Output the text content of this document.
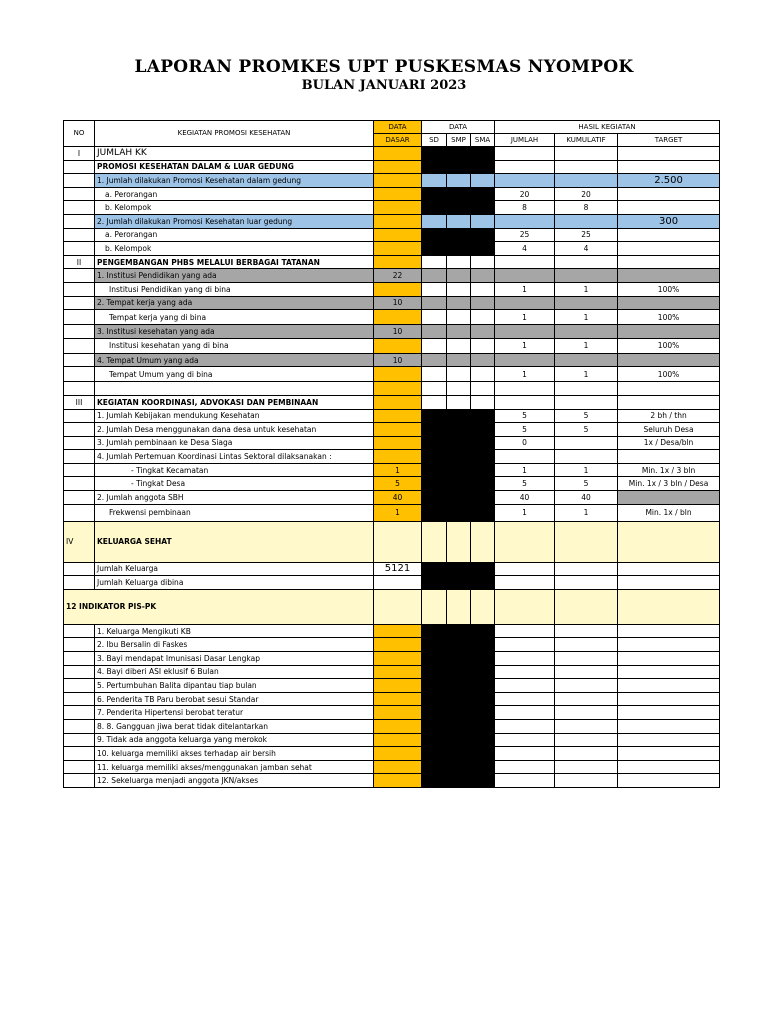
LAPORAN PROMKES UPT PUSKESMAS NYOMPOK
BULAN JANUARI 2023
NO	KEGIATAN PROMOSI KESEHATAN	DATA	DATA			HASIL KEGIATAN		
		DASAR	SD	SMP	SMA	JUMLAH	KUMULATIF	TARGET
I	JUMLAH KK							
	PROMOSI KESEHATAN DALAM & LUAR GEDUNG							
	1. Jumlah dilakukan Promosi Kesehatan dalam gedung							2.500
	a. Perorangan					20	20	
	b. Kelompok					8	8	
	2. Jumlah dilakukan Promosi Kesehatan luar gedung							300
	a. Perorangan					25	25	
	b. Kelompok					4	4	
II	PENGEMBANGAN PHBS MELALUI BERBAGAI TATANAN							
	1. Institusi Pendidikan yang ada	22						
	Institusi Pendidikan yang di bina					1	1	100%
	2. Tempat kerja yang ada	10						
	Tempat kerja yang di bina					1	1	100%
	3. Institusi kesehatan yang ada	10						
	Institusi kesehatan yang di bina					1	1	100%
	4. Tempat Umum yang ada	10						
	Tempat Umum yang di bina					1	1	100%

III	KEGIATAN KOORDINASI, ADVOKASI DAN PEMBINAAN							
	1. Jumlah Kebijakan mendukung Kesehatan					5	5	2 bh / thn
	2. Jumlah Desa menggunakan dana desa untuk kesehatan					5	5	Seluruh Desa
	3. Jumlah pembinaan ke Desa Siaga					0		1x / Desa/bln
	4. Jumlah Pertemuan Koordinasi Lintas Sektoral dilaksanakan :							
	- Tingkat Kecamatan	1				1	1	Min. 1x / 3 bln
	- Tingkat Desa	5				5	5	Min. 1x / 3 bln / Desa
	2. Jumlah anggota SBH	40				40	40	
	Frekwensi pembinaan	1				1	1	Min. 1x / bln
IV	KELUARGA SEHAT							
	Jumlah Keluarga	5121						
	Jumlah Keluarga dibina							
12 INDIKATOR PIS-PK								
	1. Keluarga Mengikuti KB							
	2. Ibu Bersalin di Faskes							
	3. Bayi mendapat Imunisasi Dasar Lengkap							
	4. Bayi diberi ASI eklusif 6 Bulan							
	5. Pertumbuhan Balita dipantau tiap bulan							
	6. Penderita TB Paru berobat sesui Standar							
	7. Penderita Hipertensi berobat teratur							
	8. 8. Gangguan jiwa berat tidak ditelantarkan							
	9. Tidak ada anggota keluarga yang merokok							
	10. keluarga memiliki akses terhadap air bersih							
	11. keluarga memiliki akses/menggunakan jamban sehat							
	12. Sekeluarga menjadi anggota JKN/akses							
